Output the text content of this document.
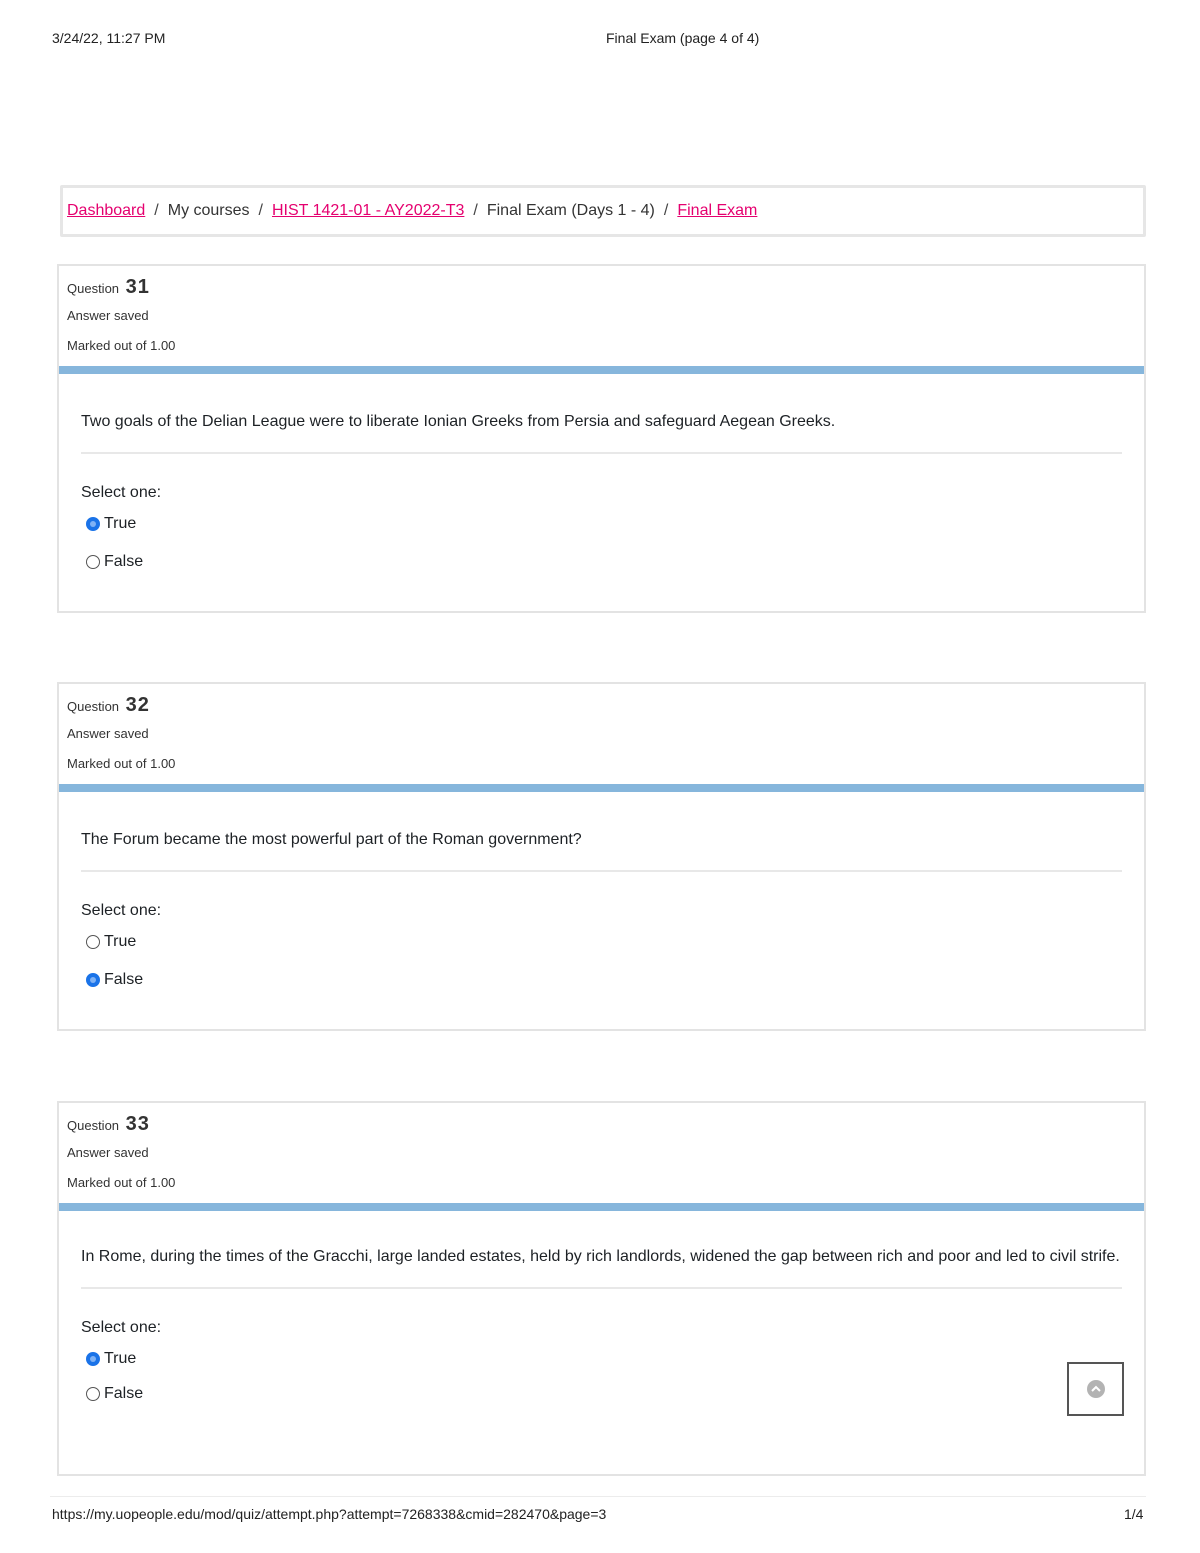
3/24/22, 11:27 PM	Final Exam (page 4 of 4)
Dashboard / My courses / HIST 1421-01 - AY2022-T3 / Final Exam (Days 1 - 4) / Final Exam
Question 31
Answer saved
Marked out of 1.00
Two goals of the Delian League were to liberate Ionian Greeks from Persia and safeguard Aegean Greeks.
Select one:
True
False
Question 32
Answer saved
Marked out of 1.00
The Forum became the most powerful part of the Roman government?
Select one:
True
False
Question 33
Answer saved
Marked out of 1.00
In Rome, during the times of the Gracchi, large landed estates, held by rich landlords, widened the gap between rich and poor and led to civil strife.
Select one:
True
False
https://my.uopeople.edu/mod/quiz/attempt.php?attempt=7268338&cmid=282470&page=3	1/4
